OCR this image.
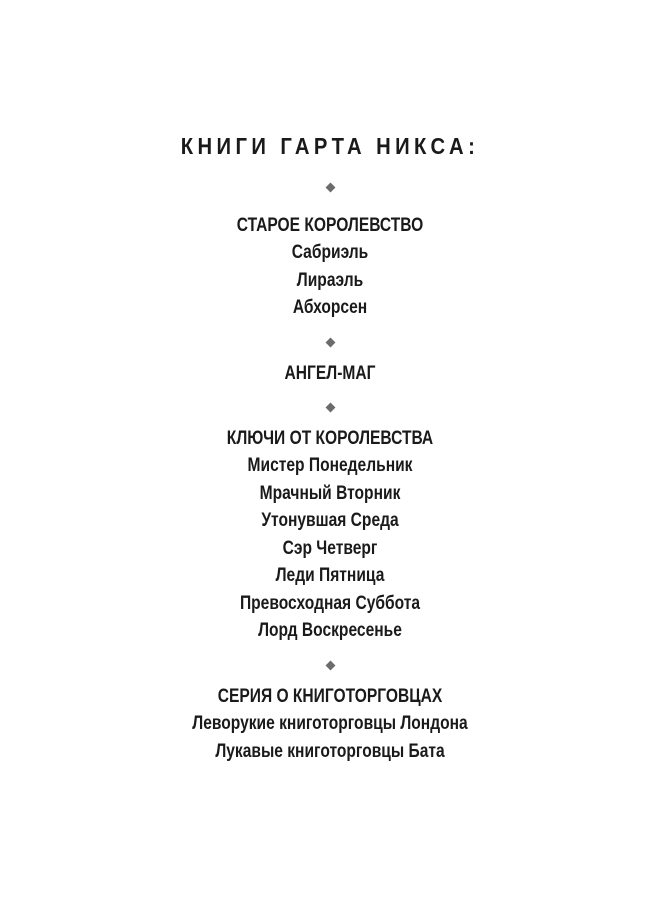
КНИГИ ГАРТА НИКСА:
СТАРОЕ КОРОЛЕВСТВО
Сабриэль
Лираэль
Абхорсен
АНГЕЛ-МАГ
КЛЮЧИ ОТ КОРОЛЕВСТВА
Мистер Понедельник
Мрачный Вторник
Утонувшая Среда
Сэр Четверг
Леди Пятница
Превосходная Суббота
Лорд Воскресенье
СЕРИЯ О КНИГОТОРГОВЦАХ
Леворукие книготорговцы Лондона
Лукавые книготорговцы Бата
